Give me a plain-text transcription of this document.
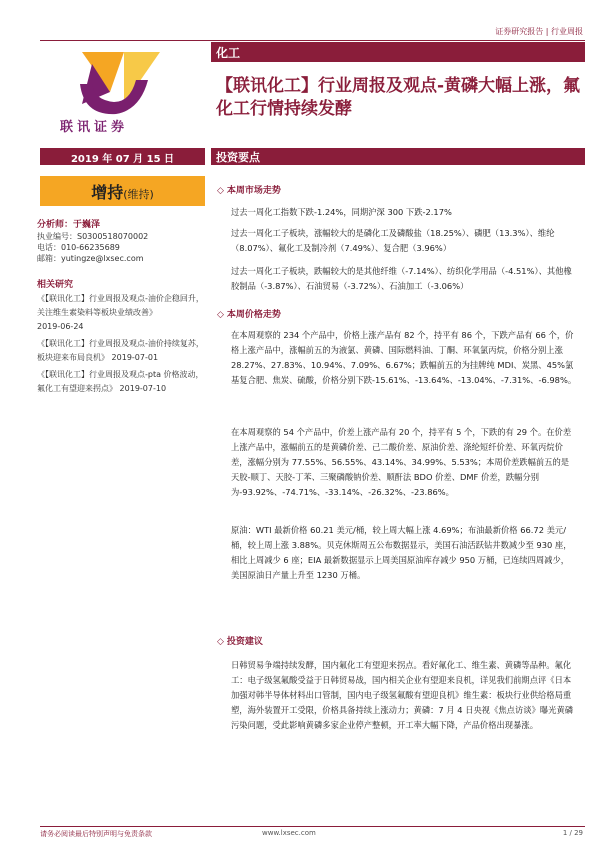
证券研究报告 | 行业周报
联讯证券
化工
【联讯化工】行业周报及观点-黄磷大幅上涨，氟化工行情持续发酵
2019 年 07 月 15 日	投资要点
增持(维持)
分析师：于巍泽
执业编号：S0300518070002
电话：010-66235689
邮箱：yutingze@lxsec.com
相关研究
《【联讯化工】行业周报及观点-油价企稳回升，关注维生素染料等板块业绩改善》
2019-06-24
《【联讯化工】行业周报及观点-油价持续复苏，板块迎来布局良机》 2019-07-01
《【联讯化工】行业周报及观点-pta 价格波动，氟化工有望迎来拐点》 2019-07-10
◇ 本周市场走势
过去一周化工指数下跌-1.24%，同期沪深 300 下跌-2.17%
过去一周化工子板块，涨幅较大的是磷化工及磷酸盐（18.25%）、磷肥（13.3%）、维纶（8.07%）、氟化工及制冷剂（7.49%）、复合肥（3.96%）
过去一周化工子板块，跌幅较大的是其他纤维（-7.14%）、纺织化学用品（-4.51%）、其他橡胶制品（-3.87%）、石油贸易（-3.72%）、石油加工（-3.06%）
◇ 本周价格走势
在本周观察的 234 个产品中，价格上涨产品有 82 个，持平有 86 个，下跌产品有 66 个，价格上涨产品中，涨幅前五的为液氯、黄磷、国际燃料油、丁酮、环氧氯丙烷，价格分别上涨 28.27%、27.83%、10.94%、7.09%、6.67%；跌幅前五的为挂牌纯 MDI、炭黑、45%氯基复合肥、焦炭、硫酸，价格分别下跌-15.61%、-13.64%、-13.04%、-7.31%、-6.98%。
在本周观察的 54 个产品中，价差上涨产品有 20 个，持平有 5 个，下跌的有 29 个。在价差上涨产品中，涨幅前五的是黄磷价差、己二酸价差、原油价差、涤纶短纤价差、环氧丙烷价差，涨幅分别为 77.55%、56.55%、43.14%、34.99%、5.53%；本周价差跌幅前五的是天胶-顺丁、天胶-丁苯、三聚磷酸钠价差、顺酐法 BDO 价差、DMF 价差，跌幅分别为-93.92%、-74.71%、-33.14%、-26.32%、-23.86%。
原油：WTI 最新价格 60.21 美元/桶，较上周大幅上涨 4.69%；布油最新价格 66.72 美元/桶，较上周上涨 3.88%。贝克休斯周五公布数据显示，美国石油活跃钻井数减少至 930 座，相比上周减少 6 座；EIA 最新数据显示上周美国原油库存减少 950 万桶，已连续四周减少，美国原油日产量上升至 1230 万桶。
◇ 投资建议
日韩贸易争端持续发酵，国内氟化工有望迎来拐点。看好氟化工、维生素、黄磷等品种。氟化工：电子级氢氟酸受益于日韩贸易战，国内相关企业有望迎来良机，详见我们前期点评《日本加强对韩半导体材料出口管制，国内电子级氢氟酸有望迎良机》维生素：板块行业供给格局重塑，海外装置开工受限，价格具备持续上涨动力；黄磷：7 月 4 日央视《焦点访谈》曝光黄磷污染问题，受此影响黄磷多家企业停产整顿，开工率大幅下降，产品价格出现暴涨。
请务必阅读最后特别声明与免责条款	www.lxsec.com	1 / 29
